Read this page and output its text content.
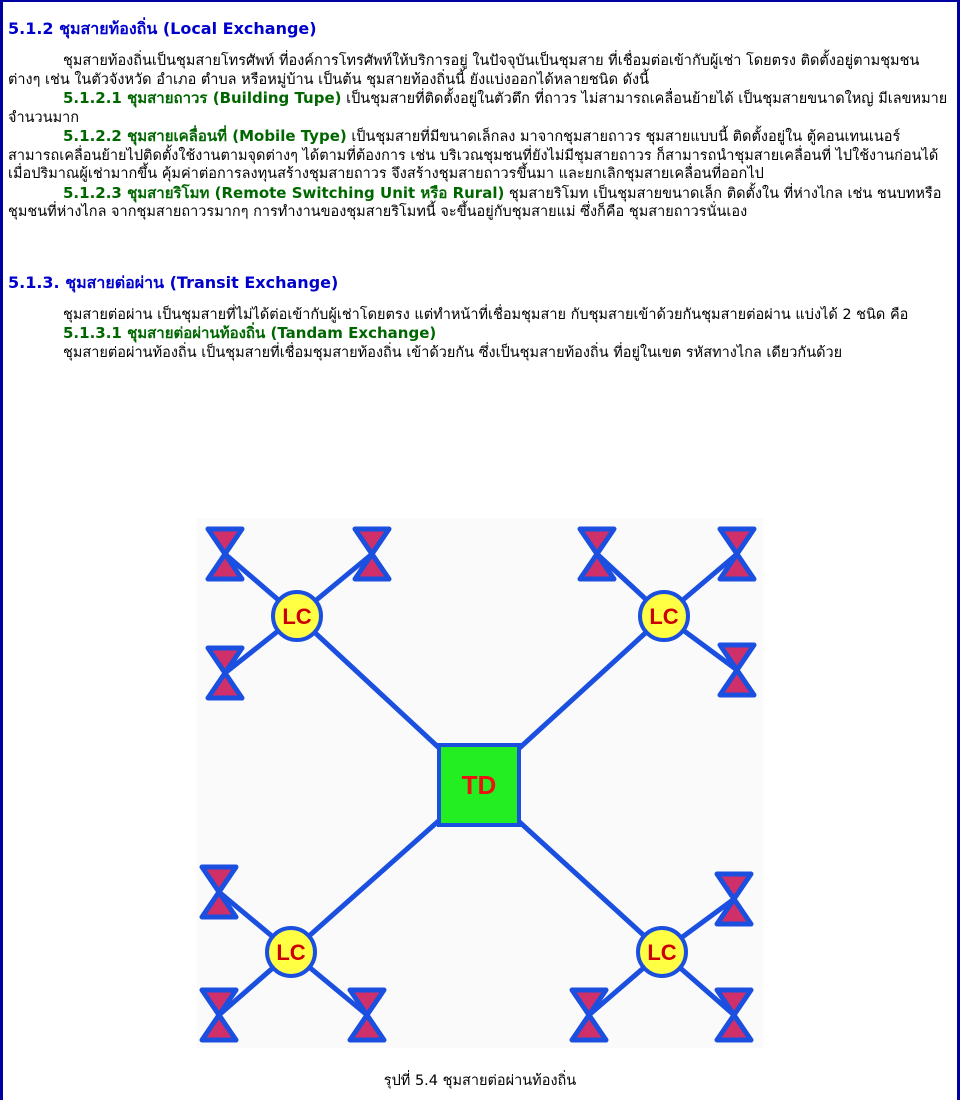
5.1.2 ชุมสายท้องถิ่น (Local Exchange)

ชุมสายท้องถิ่นเป็นชุมสายโทรศัพท์ ที่องค์การโทรศัพท์ให้บริการอยู่ ในปัจจุบันเป็นชุมสาย ที่เชื่อมต่อเข้ากับผู้เช่า โดยตรง ติดตั้งอยู่ตามชุมชนต่างๆ เช่น ในตัวจังหวัด อำเภอ ตำบล หรือหมู่บ้าน เป็นต้น ชุมสายท้องถิ่นนี้ ยังแบ่งออกได้หลายชนิด ดังนี้

5.1.2.1 ชุมสายถาวร (Building Tupe) เป็นชุมสายที่ติดตั้งอยู่ในตัวตึก ที่ถาวร ไม่สามารถเคลื่อนย้ายได้ เป็นชุมสายขนาดใหญ่ มีเลขหมายจำนวนมาก

5.1.2.2 ชุมสายเคลื่อนที่ (Mobile Type) เป็นชุมสายที่มีขนาดเล็กลง มาจากชุมสายถาวร ชุมสายแบบนี้ ติดตั้งอยู่ใน ตู้คอนเทนเนอร์ สามารถเคลื่อนย้ายไปติดตั้งใช้งานตามจุดต่างๆ ได้ตามที่ต้องการ เช่น บริเวณชุมชนที่ยังไม่มีชุมสายถาวร ก็สามารถนำชุมสายเคลื่อนที่ ไปใช้งานก่อนได้ เมื่อปริมาณผู้เช่ามากขึ้น คุ้มค่าต่อการลงทุนสร้างชุมสายถาวร จึงสร้างชุมสายถาวรขึ้นมา และยกเลิกชุมสายเคลื่อนที่ออกไป

5.1.2.3 ชุมสายริโมท (Remote Switching Unit หรือ Rural) ชุมสายริโมท เป็นชุมสายขนาดเล็ก ติดตั้งใน ที่ห่างไกล เช่น ชนบทหรือชุมชนที่ห่างไกล จากชุมสายถาวรมากๆ การทำงานของชุมสายริโมทนี้ จะขึ้นอยู่กับชุมสายแม่ ซึ่งก็คือ ชุมสายถาวรนั่นเอง

5.1.3. ชุมสายต่อผ่าน (Transit Exchange)

ชุมสายต่อผ่าน เป็นชุมสายที่ไม่ได้ต่อเข้ากับผู้เช่าโดยตรง แต่ทำหน้าที่เชื่อมชุมสาย กับชุมสายเข้าด้วยกันชุมสายต่อผ่าน แบ่งได้ 2 ชนิด คือ

5.1.3.1 ชุมสายต่อผ่านท้องถิ่น (Tandam Exchange)

ชุมสายต่อผ่านท้องถิ่น เป็นชุมสายที่เชื่อมชุมสายท้องถิ่น เข้าด้วยกัน ซึ่งเป็นชุมสายท้องถิ่น ที่อยู่ในเขต รหัสทางไกล เดียวกันด้วย

TD
LC	LC
LC	LC
รุปที่ 5.4 ชุมสายต่อผ่านท้องถิ่น
